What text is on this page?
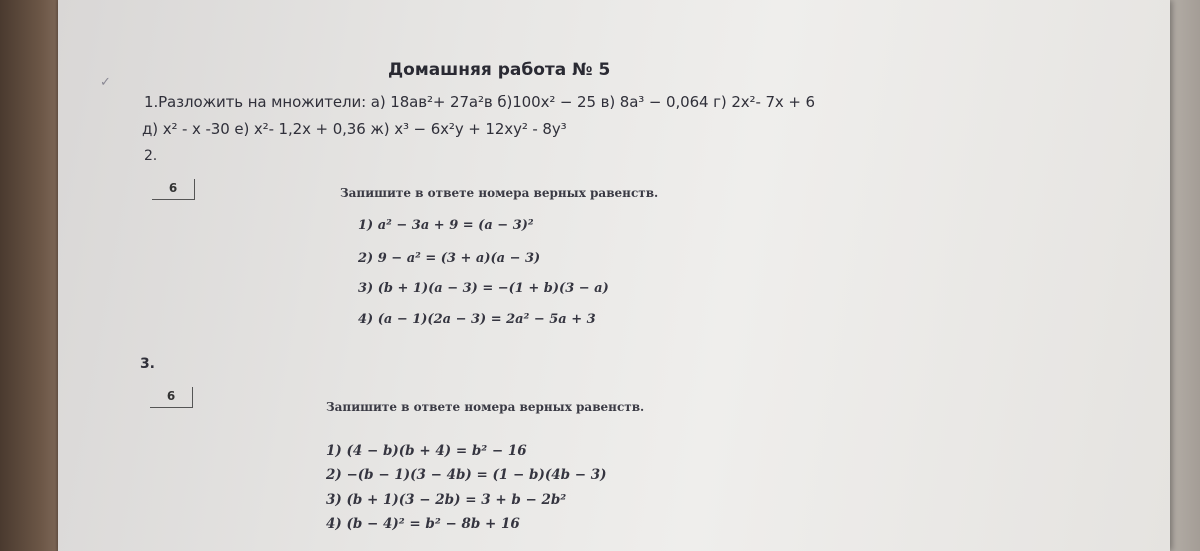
✓
Домашняя работа № 5
1.Разложить на множители: а) 18ав²+ 27а²в б)100х² − 25 в) 8а³ − 0,064 г) 2х²- 7х + 6
д) х² - х -30 е) х²- 1,2х + 0,36 ж) х³ − 6х²у + 12ху² - 8у³
2.
6	Запишите в ответе номера верных равенств.
1) a² − 3a + 9 = (a − 3)²
2) 9 − a² = (3 + a)(a − 3)
3) (b + 1)(a − 3) = −(1 + b)(3 − a)
4) (a − 1)(2a − 3) = 2a² − 5a + 3
3.
6
Запишите в ответе номера верных равенств.
1) (4 − b)(b + 4) = b² − 16
2) −(b − 1)(3 − 4b) = (1 − b)(4b − 3)
3) (b + 1)(3 − 2b) = 3 + b − 2b²
4) (b − 4)² = b² − 8b + 16
